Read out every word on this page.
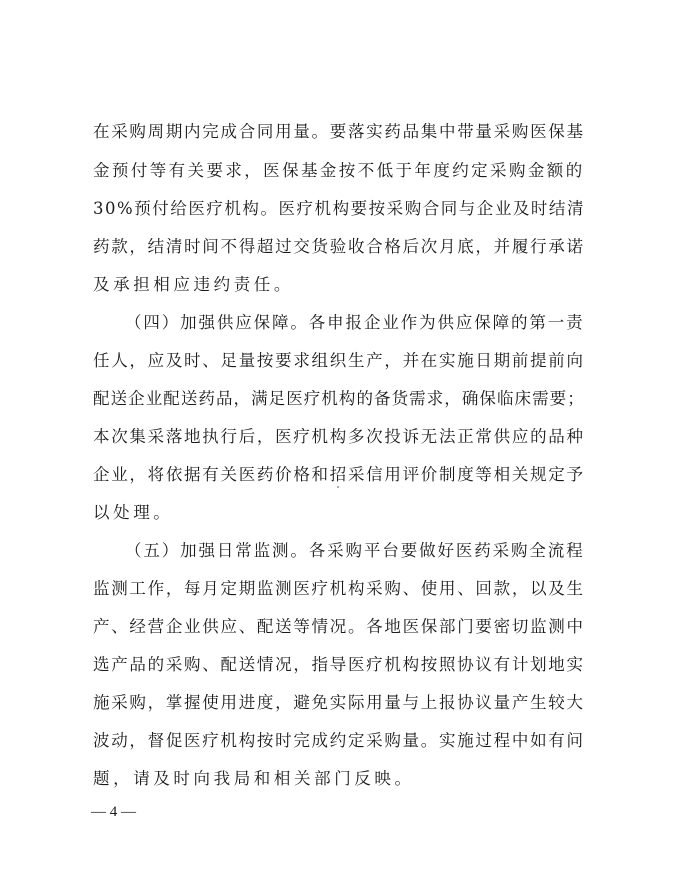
在采购周期内完成合同用量。要落实药品集中带量采购医保基
金预付等有关要求，医保基金按不低于年度约定采购金额的
30%预付给医疗机构。医疗机构要按采购合同与企业及时结清
药款，结清时间不得超过交货验收合格后次月底，并履行承诺
及承担相应违约责任。
（四）加强供应保障。各申报企业作为供应保障的第一责
任人，应及时、足量按要求组织生产，并在实施日期前提前向
配送企业配送药品，满足医疗机构的备货需求，确保临床需要；
本次集采落地执行后，医疗机构多次投诉无法正常供应的品种
企业，将依据有关医药价格和招采信用评价制度等相关规定予
以处理。
（五）加强日常监测。各采购平台要做好医药采购全流程
监测工作，每月定期监测医疗机构采购、使用、回款，以及生
产、经营企业供应、配送等情况。各地医保部门要密切监测中
选产品的采购、配送情况，指导医疗机构按照协议有计划地实
施采购，掌握使用进度，避免实际用量与上报协议量产生较大
波动，督促医疗机构按时完成约定采购量。实施过程中如有问
题，请及时向我局和相关部门反映。
— 4 —
